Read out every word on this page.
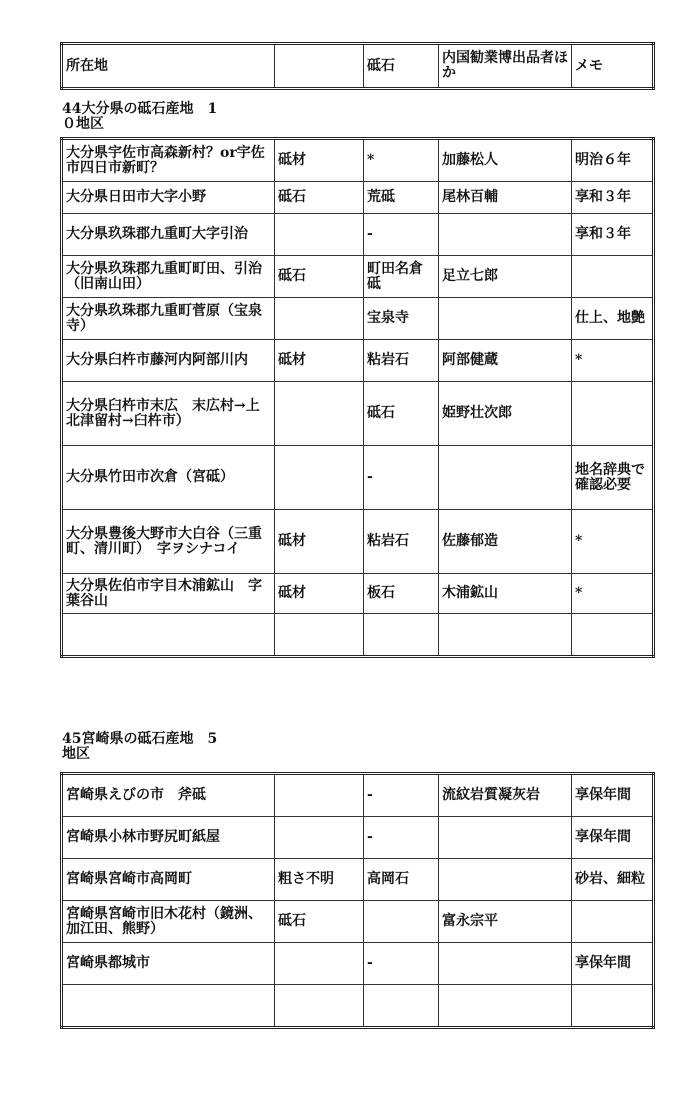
所在地		砥石	内国勧業博出品者ほか	メモ
44大分県の砥石産地　1
０地区
大分県宇佐市高森新村？or宇佐市四日市新町？	砥材	*	加藤松人	明治６年
大分県日田市大字小野	砥石	荒砥	尾林百輔	享和３年
大分県玖珠郡九重町大字引治		-		享和３年
大分県玖珠郡九重町町田、引治（旧南山田）	砥石	町田名倉砥	足立七郎	
大分県玖珠郡九重町菅原（宝泉寺）		宝泉寺		仕上、地艶
大分県臼杵市藤河内阿部川内	砥材	粘岩石	阿部健蔵	*
大分県臼杵市末広　末広村→上北津留村→臼杵市）		砥石	姫野壮次郎	
大分県竹田市次倉（宮砥）		-		地名辞典で確認必要
大分県豊後大野市大白谷（三重町、清川町）　字ヲシナコイ	砥材	粘岩石	佐藤郁造	*
大分県佐伯市宇目木浦鉱山　字葉谷山	砥材	板石	木浦鉱山	*

45宮崎県の砥石産地　5
地区
宮崎県えびの市　斧砥		-	流紋岩質凝灰岩	享保年間
宮崎県小林市野尻町紙屋		-		享保年間
宮崎県宮崎市高岡町	粗さ不明	高岡石		砂岩、細粒
宮崎県宮崎市旧木花村（鏡洲、加江田、熊野）	砥石		富永宗平	
宮崎県都城市		-		享保年間
